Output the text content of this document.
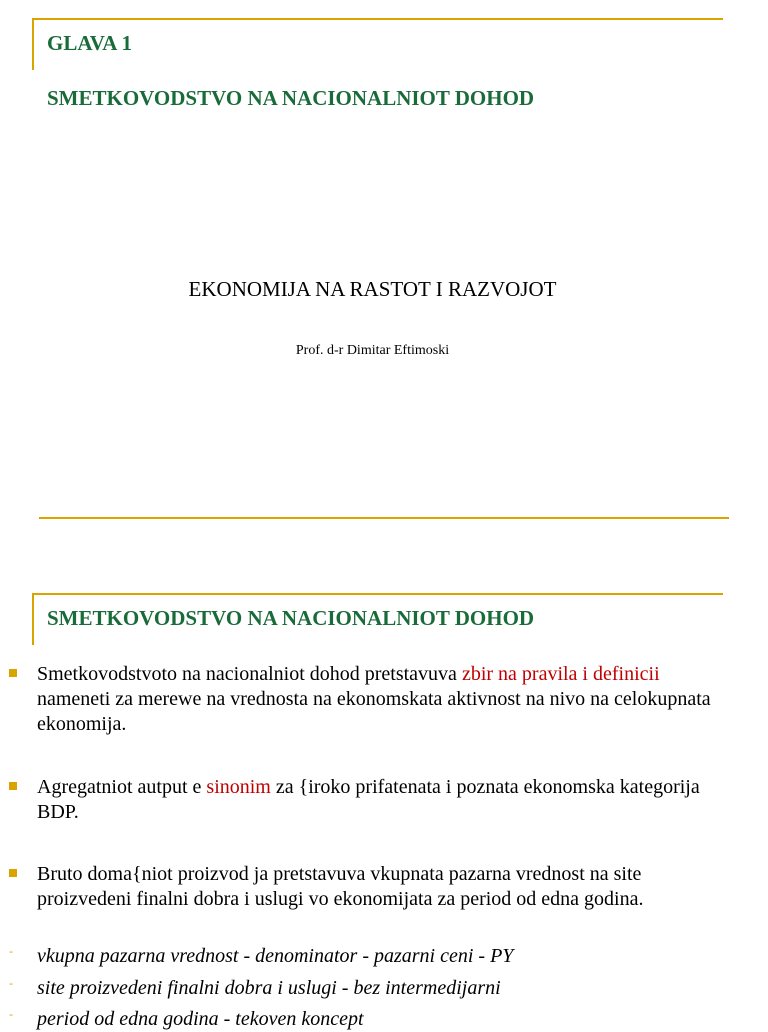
GLAVA 1
SMETKOVODSTVO NA NACIONALNIOT DOHOD
EKONOMIJA NA RASTOT I RAZVOJOT

Prof. d-r Dimitar Eftimoski

SMETKOVODSTVO NA NACIONALNIOT DOHOD

Smetkovodstvoto na nacionalniot dohod pretstavuva zbir na pravila i definicii nameneti za merewe na vrednosta na ekonomskata aktivnost na nivo na celokupnata ekonomija.

Agregatniot autput e sinonim za {iroko prifatenata i poznata ekonomska kategorija BDP.

Bruto doma{niot proizvod ja pretstavuva vkupnata pazarna vrednost na site proizvedeni finalni dobra i uslugi vo ekonomijata za period od edna godina.

- vkupna pazarna vrednost - denominator - pazarni ceni - PY

- site proizvedeni finalni dobra i uslugi - bez intermedijarni

- period od edna godina - tekoven koncept
